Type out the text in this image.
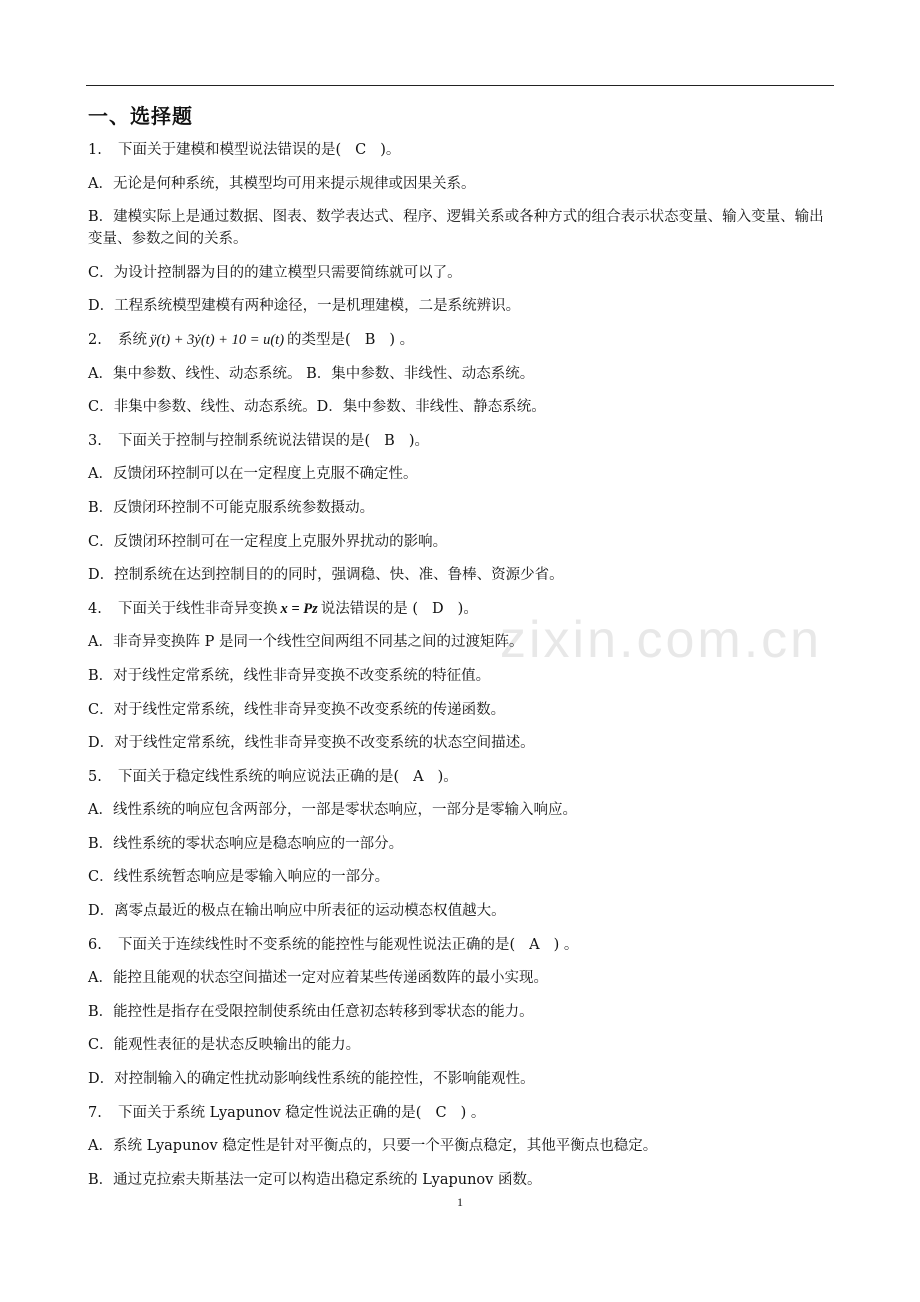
一、选择题
zixin.com.cn
1. 下面关于建模和模型说法错误的是( C )。
A．无论是何种系统，其模型均可用来提示规律或因果关系。
B．建模实际上是通过数据、图表、数学表达式、程序、逻辑关系或各种方式的组合表示状态变量、输入变量、输出变量、参数之间的关系。
C．为设计控制器为目的的建立模型只需要简练就可以了。
D．工程系统模型建模有两种途径，一是机理建模，二是系统辨识。
2. 系统 ÿ(t) + 3ẏ(t) + 10 = u(t) 的类型是( B ) 。
A．集中参数、线性、动态系统。 B．集中参数、非线性、动态系统。
C．非集中参数、线性、动态系统。D．集中参数、非线性、静态系统。
3. 下面关于控制与控制系统说法错误的是( B )。
A．反馈闭环控制可以在一定程度上克服不确定性。
B．反馈闭环控制不可能克服系统参数摄动。
C．反馈闭环控制可在一定程度上克服外界扰动的影响。
D．控制系统在达到控制目的的同时，强调稳、快、准、鲁棒、资源少省。
4. 下面关于线性非奇异变换 x = Pz 说法错误的是 ( D )。
A．非奇异变换阵 P 是同一个线性空间两组不同基之间的过渡矩阵。
B．对于线性定常系统，线性非奇异变换不改变系统的特征值。
C．对于线性定常系统，线性非奇异变换不改变系统的传递函数。
D．对于线性定常系统，线性非奇异变换不改变系统的状态空间描述。
5. 下面关于稳定线性系统的响应说法正确的是( A )。
A．线性系统的响应包含两部分，一部是零状态响应，一部分是零输入响应。
B．线性系统的零状态响应是稳态响应的一部分。
C．线性系统暂态响应是零输入响应的一部分。
D．离零点最近的极点在输出响应中所表征的运动模态权值越大。
6. 下面关于连续线性时不变系统的能控性与能观性说法正确的是( A ) 。
A．能控且能观的状态空间描述一定对应着某些传递函数阵的最小实现。
B．能控性是指存在受限控制使系统由任意初态转移到零状态的能力。
C．能观性表征的是状态反映输出的能力。
D．对控制输入的确定性扰动影响线性系统的能控性，不影响能观性。
7. 下面关于系统 Lyapunov 稳定性说法正确的是( C ) 。
A．系统 Lyapunov 稳定性是针对平衡点的，只要一个平衡点稳定，其他平衡点也稳定。
B．通过克拉索夫斯基法一定可以构造出稳定系统的 Lyapunov 函数。
1
